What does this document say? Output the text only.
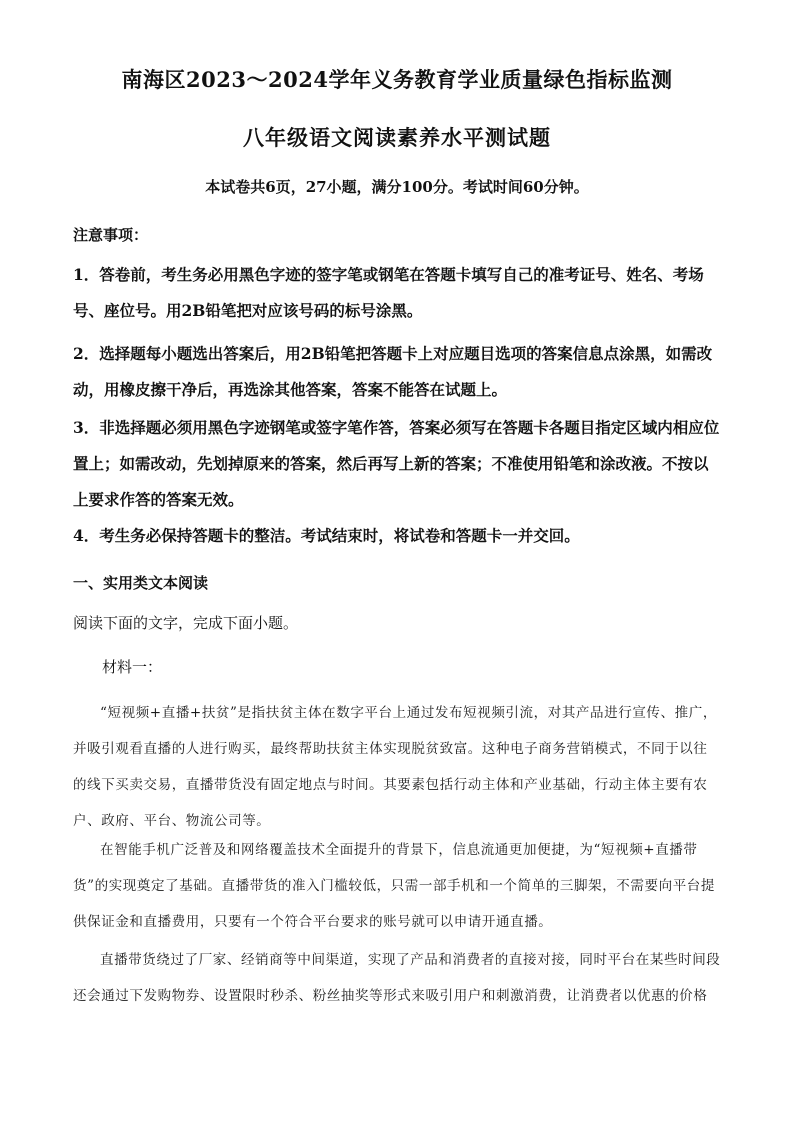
南海区2023～2024学年义务教育学业质量绿色指标监测
八年级语文阅读素养水平测试题
本试卷共6页，27小题，满分100分。考试时间60分钟。
注意事项：
1．答卷前，考生务必用黑色字迹的签字笔或钢笔在答题卡填写自己的准考证号、姓名、考场号、座位号。用2B铅笔把对应该号码的标号涂黑。
2．选择题每小题选出答案后，用2B铅笔把答题卡上对应题目选项的答案信息点涂黑，如需改动，用橡皮擦干净后，再选涂其他答案，答案不能答在试题上。
3．非选择题必须用黑色字迹钢笔或签字笔作答，答案必须写在答题卡各题目指定区域内相应位置上；如需改动，先划掉原来的答案，然后再写上新的答案；不准使用铅笔和涂改液。不按以上要求作答的答案无效。
4．考生务必保持答题卡的整洁。考试结束时，将试卷和答题卡一并交回。
一、实用类文本阅读
阅读下面的文字，完成下面小题。
材料一：
“短视频+直播+扶贫”是指扶贫主体在数字平台上通过发布短视频引流，对其产品进行宣传、推广，并吸引观看直播的人进行购买，最终帮助扶贫主体实现脱贫致富。这种电子商务营销模式，不同于以往的线下买卖交易，直播带货没有固定地点与时间。其要素包括行动主体和产业基础，行动主体主要有农户、政府、平台、物流公司等。
在智能手机广泛普及和网络覆盖技术全面提升的背景下，信息流通更加便捷，为“短视频+直播带货”的实现奠定了基础。直播带货的准入门槛较低，只需一部手机和一个简单的三脚架，不需要向平台提供保证金和直播费用，只要有一个符合平台要求的账号就可以申请开通直播。
直播带货绕过了厂家、经销商等中间渠道，实现了产品和消费者的直接对接，同时平台在某些时间段还会通过下发购物券、设置限时秒杀、粉丝抽奖等形式来吸引用户和刺激消费，让消费者以优惠的价格
